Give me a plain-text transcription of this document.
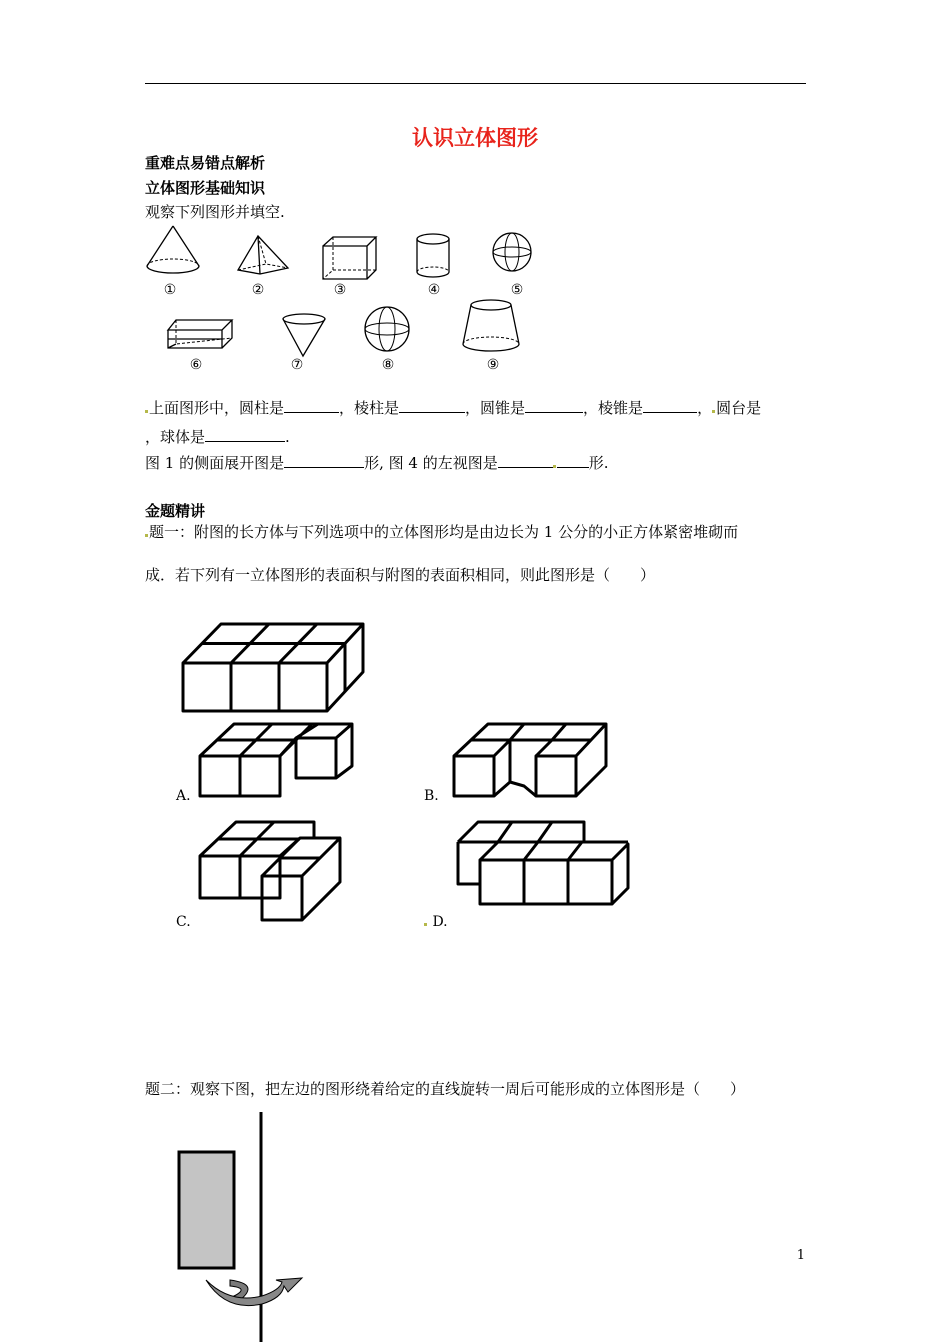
认识立体图形
重难点易错点解析
立体图形基础知识
观察下列图形并填空.
①	②	③	④	⑤
⑥	⑦	⑧	⑨
上面图形中，圆柱是	，棱柱是	，圆锥是	，棱锥是	， 圆台是
，球体是	.
图 1 的侧面展开图是	形, 图 4 的左视图是	形.
金题精讲
题一：附图的长方体与下列选项中的立体图形均是由边长为 1 公分的小正方体紧密堆砌而
成．若下列有一立体图形的表面积与附图的表面积相同，则此图形是（　　）
A.	B.
C.	D.
题二：观察下图，把左边的图形绕着给定的直线旋转一周后可能形成的立体图形是（　　）
1
